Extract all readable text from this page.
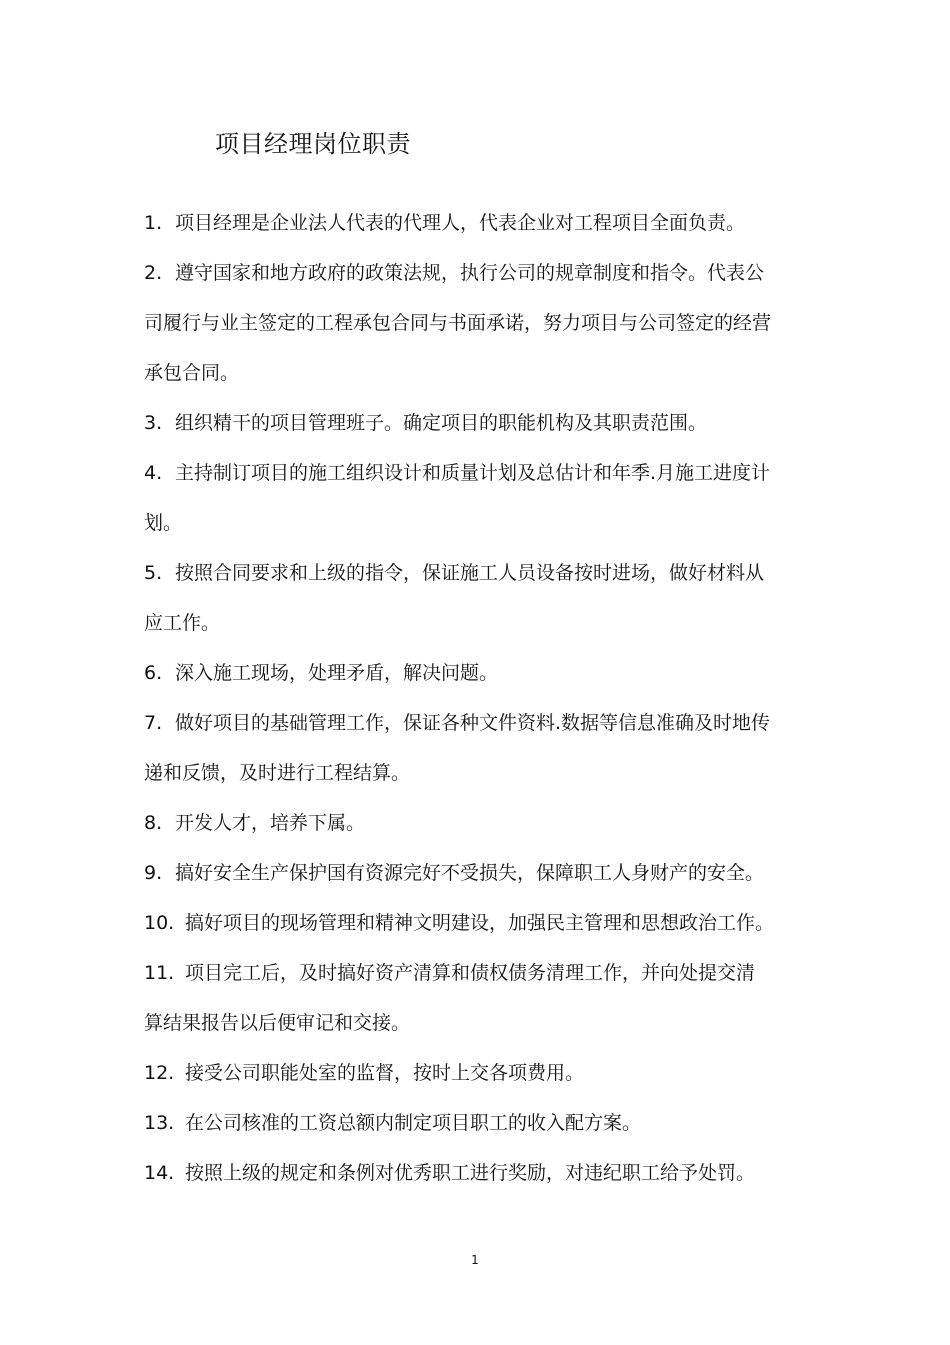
项目经理岗位职责

1. 项目经理是企业法人代表的代理人，代表企业对工程项目全面负责。

2. 遵守国家和地方政府的政策法规，执行公司的规章制度和指令。代表公
司履行与业主签定的工程承包合同与书面承诺，努力项目与公司签定的经营
承包合同。

3. 组织精干的项目管理班子。确定项目的职能机构及其职责范围。

4. 主持制订项目的施工组织设计和质量计划及总估计和年季.月施工进度计
划。

5. 按照合同要求和上级的指令，保证施工人员设备按时进场，做好材料从
应工作。

6. 深入施工现场，处理矛盾，解决问题。

7. 做好项目的基础管理工作，保证各种文件资料.数据等信息准确及时地传
递和反馈，及时进行工程结算。

8. 开发人才，培养下属。

9. 搞好安全生产保护国有资源完好不受损失，保障职工人身财产的安全。

10. 搞好项目的现场管理和精神文明建设，加强民主管理和思想政治工作。

11. 项目完工后，及时搞好资产清算和债权债务清理工作，并向处提交清
算结果报告以后便审记和交接。

12. 接受公司职能处室的监督，按时上交各项费用。

13. 在公司核准的工资总额内制定项目职工的收入配方案。

14. 按照上级的规定和条例对优秀职工进行奖励，对违纪职工给予处罚。

1
